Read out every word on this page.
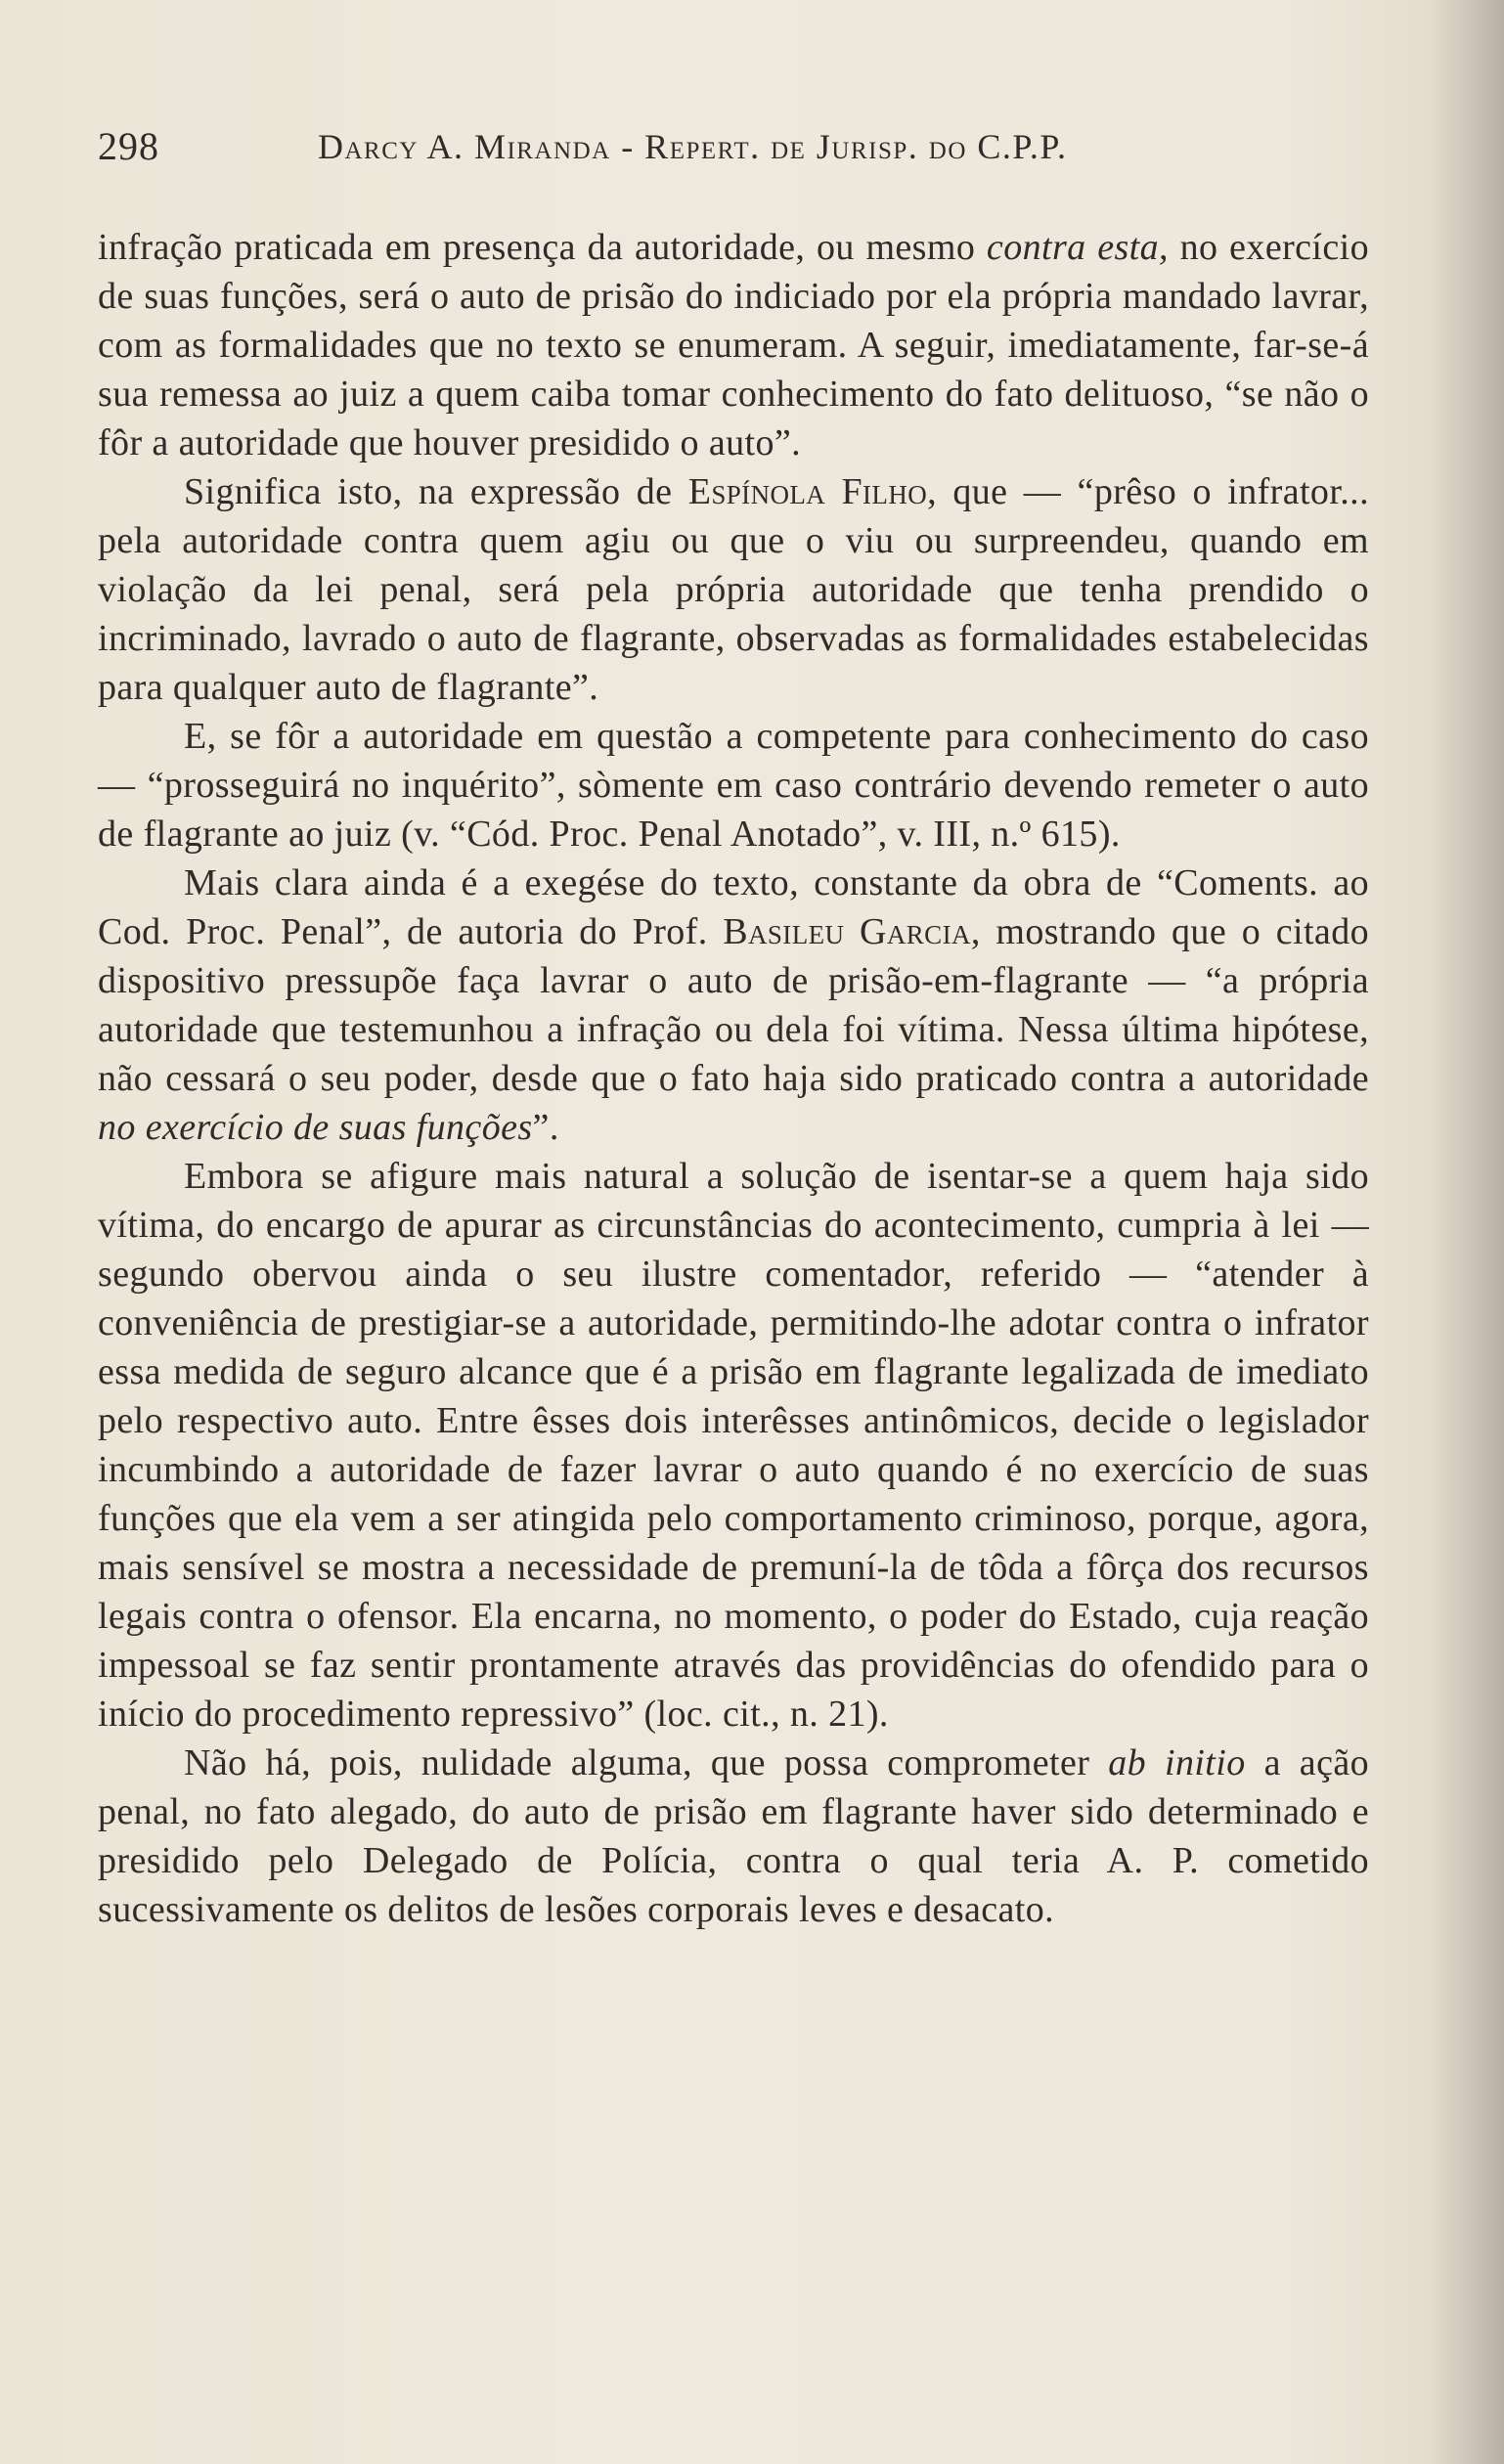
298	Darcy A. Miranda - Repert. de Jurisp. do C.P.P.

infração praticada em presença da autoridade, ou mesmo contra esta, no exercício de suas funções, será o auto de prisão do indiciado por ela própria mandado lavrar, com as formalidades que no texto se enumeram. A seguir, imediatamente, far-se-á sua remessa ao juiz a quem caiba tomar conhecimento do fato delituoso, “se não o fôr a autoridade que houver presidido o auto”.

Significa isto, na expressão de Espínola Filho, que — “prêso o infrator... pela autoridade contra quem agiu ou que o viu ou surpreendeu, quando em violação da lei penal, será pela própria autoridade que tenha prendido o incriminado, lavrado o auto de flagrante, observadas as formalidades estabelecidas para qualquer auto de flagrante”.

E, se fôr a autoridade em questão a competente para conhecimento do caso — “prosseguirá no inquérito”, sòmente em caso contrário devendo remeter o auto de flagrante ao juiz (v. “Cód. Proc. Penal Anotado”, v. III, n.º 615).

Mais clara ainda é a exegése do texto, constante da obra de “Coments. ao Cod. Proc. Penal”, de autoria do Prof. Basileu Garcia, mostrando que o citado dispositivo pressupõe faça lavrar o auto de prisão-em-flagrante — “a própria autoridade que testemunhou a infração ou dela foi vítima. Nessa última hipótese, não cessará o seu poder, desde que o fato haja sido praticado contra a autoridade no exercício de suas funções”.

Embora se afigure mais natural a solução de isentar-se a quem haja sido vítima, do encargo de apurar as circunstâncias do acontecimento, cumpria à lei — segundo obervou ainda o seu ilustre comentador, referido — “atender à conveniência de prestigiar-se a autoridade, permitindo-lhe adotar contra o infrator essa medida de seguro alcance que é a prisão em flagrante legalizada de imediato pelo respectivo auto. Entre êsses dois interêsses antinômicos, decide o legislador incumbindo a autoridade de fazer lavrar o auto quando é no exercício de suas funções que ela vem a ser atingida pelo comportamento criminoso, porque, agora, mais sensível se mostra a necessidade de premuní-la de tôda a fôrça dos recursos legais contra o ofensor. Ela encarna, no momento, o poder do Estado, cuja reação impessoal se faz sentir prontamente através das providências do ofendido para o início do procedimento repressivo” (loc. cit., n. 21).

Não há, pois, nulidade alguma, que possa comprometer ab initio a ação penal, no fato alegado, do auto de prisão em flagrante haver sido determinado e presidido pelo Delegado de Polícia, contra o qual teria A. P. cometido sucessivamente os delitos de lesões corporais leves e desacato.
